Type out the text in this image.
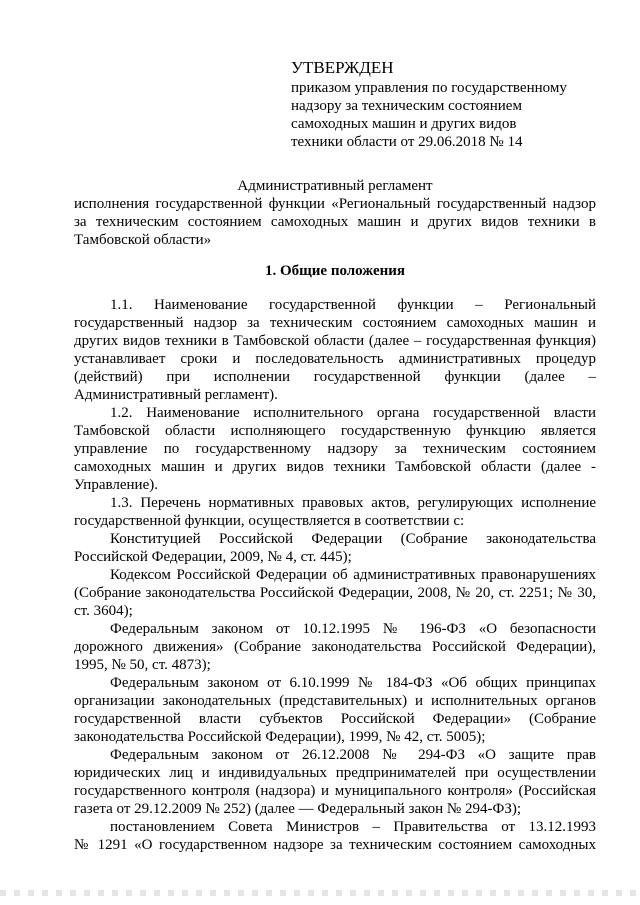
УТВЕРЖДЕН
приказом управления по государственному
надзору за техническим состоянием
самоходных машин и других видов
техники области от 29.06.2018 № 14
Административный регламент
исполнения государственной функции «Региональный государственный надзор
за техническим состоянием самоходных машин и других видов техники в
Тамбовской области»
1. Общие положения
1.1. Наименование государственной функции – Региональный
государственный надзор за техническим состоянием самоходных машин и
других видов техники в Тамбовской области (далее – государственная функция)
устанавливает сроки и последовательность административных процедур
(действий) при исполнении государственной функции (далее –
Административный регламент).
1.2. Наименование исполнительного органа государственной власти
Тамбовской области исполняющего государственную функцию является
управление по государственному надзору за техническим состоянием
самоходных машин и других видов техники Тамбовской области (далее -
Управление).
1.3. Перечень нормативных правовых актов, регулирующих исполнение
государственной функции, осуществляется в соответствии с:
Конституцией Российской Федерации (Собрание законодательства
Российской Федерации, 2009, № 4, ст. 445);
Кодексом Российской Федерации об административных правонарушениях
(Собрание законодательства Российской Федерации, 2008, № 20, ст. 2251; № 30,
ст. 3604);
Федеральным законом от 10.12.1995 № 196-ФЗ «О безопасности
дорожного движения» (Собрание законодательства Российской Федерации),
1995, № 50, ст. 4873);
Федеральным законом от 6.10.1999 № 184-ФЗ «Об общих принципах
организации законодательных (представительных) и исполнительных органов
государственной власти субъектов Российской Федерации» (Собрание
законодательства Российской Федерации), 1999, № 42, ст. 5005);
Федеральным законом от 26.12.2008 № 294-ФЗ «О защите прав
юридических лиц и индивидуальных предпринимателей при осуществлении
государственного контроля (надзора) и муниципального контроля» (Российская
газета от 29.12.2009 № 252) (далее — Федеральный закон № 294-ФЗ);
постановлением Совета Министров – Правительства от 13.12.1993
№ 1291 «О государственном надзоре за техническим состоянием самоходных
